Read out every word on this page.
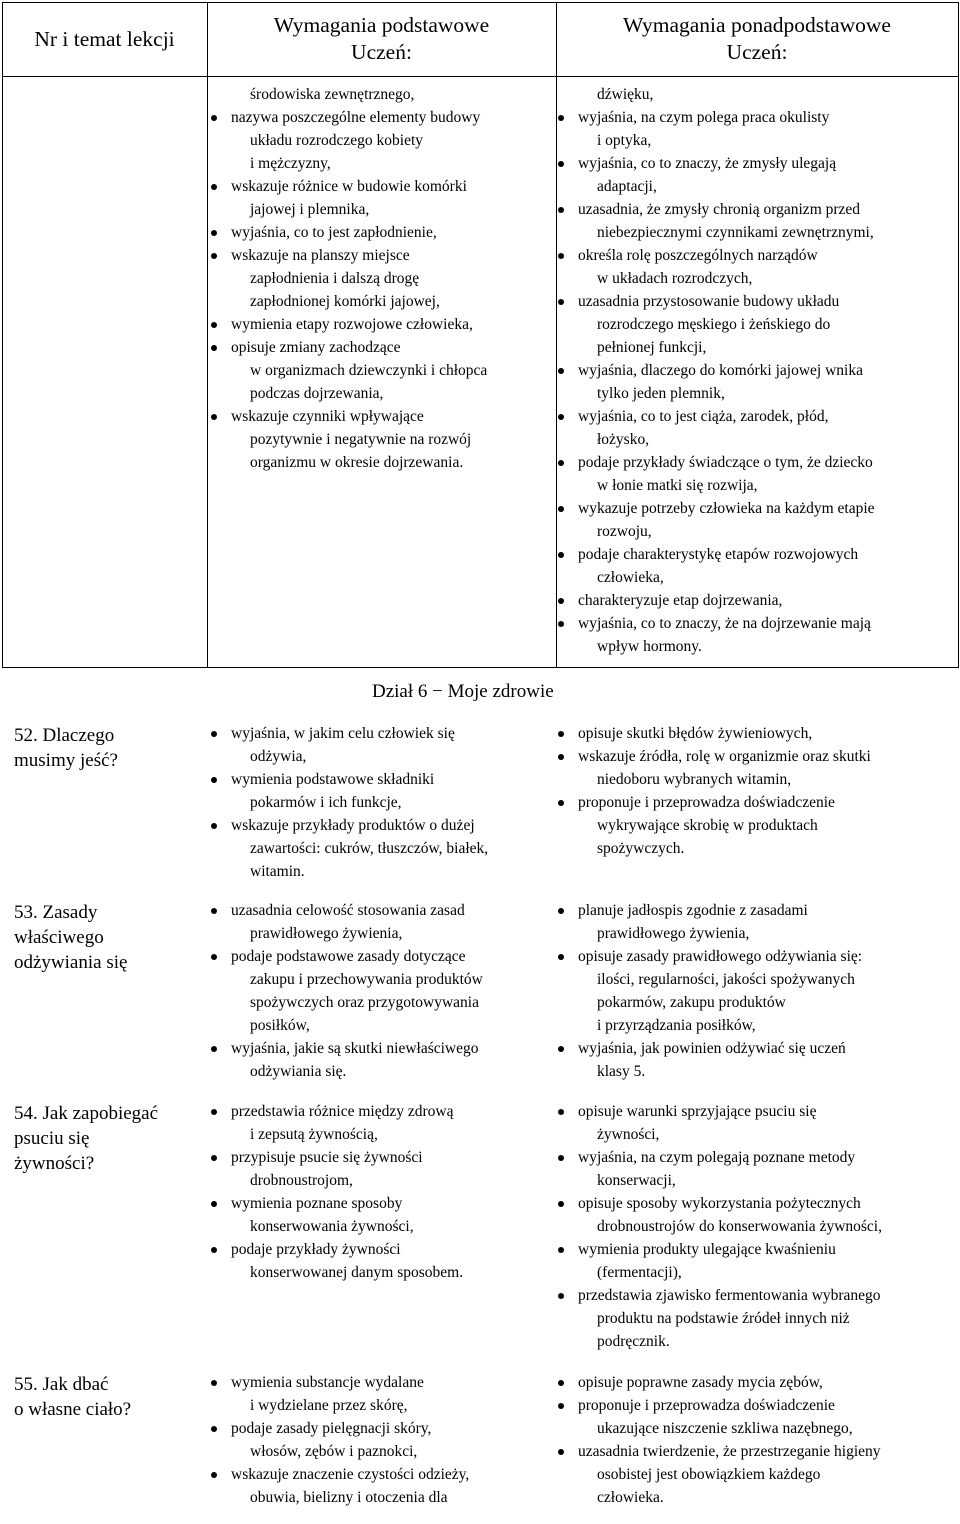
Nr i temat lekcji
Wymagania podstawowe
Uczeń:
Wymagania ponadpodstawowe
Uczeń:

środowiska zewnętrznego,

nazywa poszczególne elementy budowy

układu rozrodczego kobiety

i mężczyzny,

wskazuje różnice w budowie komórki

jajowej i plemnika,

wyjaśnia, co to jest zapłodnienie,

wskazuje na planszy miejsce

zapłodnienia i dalszą drogę

zapłodnionej komórki jajowej,

wymienia etapy rozwojowe człowieka,

opisuje zmiany zachodzące

w organizmach dziewczynki i chłopca

podczas dojrzewania,

wskazuje czynniki wpływające

pozytywnie i negatywnie na rozwój

organizmu w okresie dojrzewania.

dźwięku,

wyjaśnia, na czym polega praca okulisty

i optyka,

wyjaśnia, co to znaczy, że zmysły ulegają

adaptacji,

uzasadnia, że zmysły chronią organizm przed

niebezpiecznymi czynnikami zewnętrznymi,

określa rolę poszczególnych narządów

w układach rozrodczych,

uzasadnia przystosowanie budowy układu

rozrodczego męskiego i żeńskiego do

pełnionej funkcji,

wyjaśnia, dlaczego do komórki jajowej wnika

tylko jeden plemnik,

wyjaśnia, co to jest ciąża, zarodek, płód,

łożysko,

podaje przykłady świadczące o tym, że dziecko

w łonie matki się rozwija,

wykazuje potrzeby człowieka na każdym etapie

rozwoju,

podaje charakterystykę etapów rozwojowych

człowieka,

charakteryzuje etap dojrzewania,

wyjaśnia, co to znaczy, że na dojrzewanie mają

wpływ hormony.

Dział 6 − Moje zdrowie
52. Dlaczego
musimy jeść?

wyjaśnia, w jakim celu człowiek się

odżywia,

wymienia podstawowe składniki

pokarmów i ich funkcje,

wskazuje przykłady produktów o dużej

zawartości: cukrów, tłuszczów, białek,

witamin.

opisuje skutki błędów żywieniowych,

wskazuje źródła, rolę w organizmie oraz skutki

niedoboru wybranych witamin,

proponuje i przeprowadza doświadczenie

wykrywające skrobię w produktach

spożywczych.

53. Zasady
właściwego
odżywiania się

uzasadnia celowość stosowania zasad

prawidłowego żywienia,

podaje podstawowe zasady dotyczące

zakupu i przechowywania produktów

spożywczych oraz przygotowywania

posiłków,

wyjaśnia, jakie są skutki niewłaściwego

odżywiania się.

planuje jadłospis zgodnie z zasadami

prawidłowego żywienia,

opisuje zasady prawidłowego odżywiania się:

ilości, regularności, jakości spożywanych

pokarmów, zakupu produktów

i przyrządzania posiłków,

wyjaśnia, jak powinien odżywiać się uczeń

klasy 5.

54. Jak zapobiegać
psuciu się
żywności?

przedstawia różnice między zdrową

i zepsutą żywnością,

przypisuje psucie się żywności

drobnoustrojom,

wymienia poznane sposoby

konserwowania żywności,

podaje przykłady żywności

konserwowanej danym sposobem.

opisuje warunki sprzyjające psuciu się

żywności,

wyjaśnia, na czym polegają poznane metody

konserwacji,

opisuje sposoby wykorzystania pożytecznych

drobnoustrojów do konserwowania żywności,

wymienia produkty ulegające kwaśnieniu

(fermentacji),

przedstawia zjawisko fermentowania wybranego

produktu na podstawie źródeł innych niż

podręcznik.

55. Jak dbać
o własne ciało?

wymienia substancje wydalane

i wydzielane przez skórę,

podaje zasady pielęgnacji skóry,

włosów, zębów i paznokci,

wskazuje znaczenie czystości odzieży,

obuwia, bielizny i otoczenia dla

opisuje poprawne zasady mycia zębów,

proponuje i przeprowadza doświadczenie

ukazujące niszczenie szkliwa nazębnego,

uzasadnia twierdzenie, że przestrzeganie higieny

osobistej jest obowiązkiem każdego

człowieka.
